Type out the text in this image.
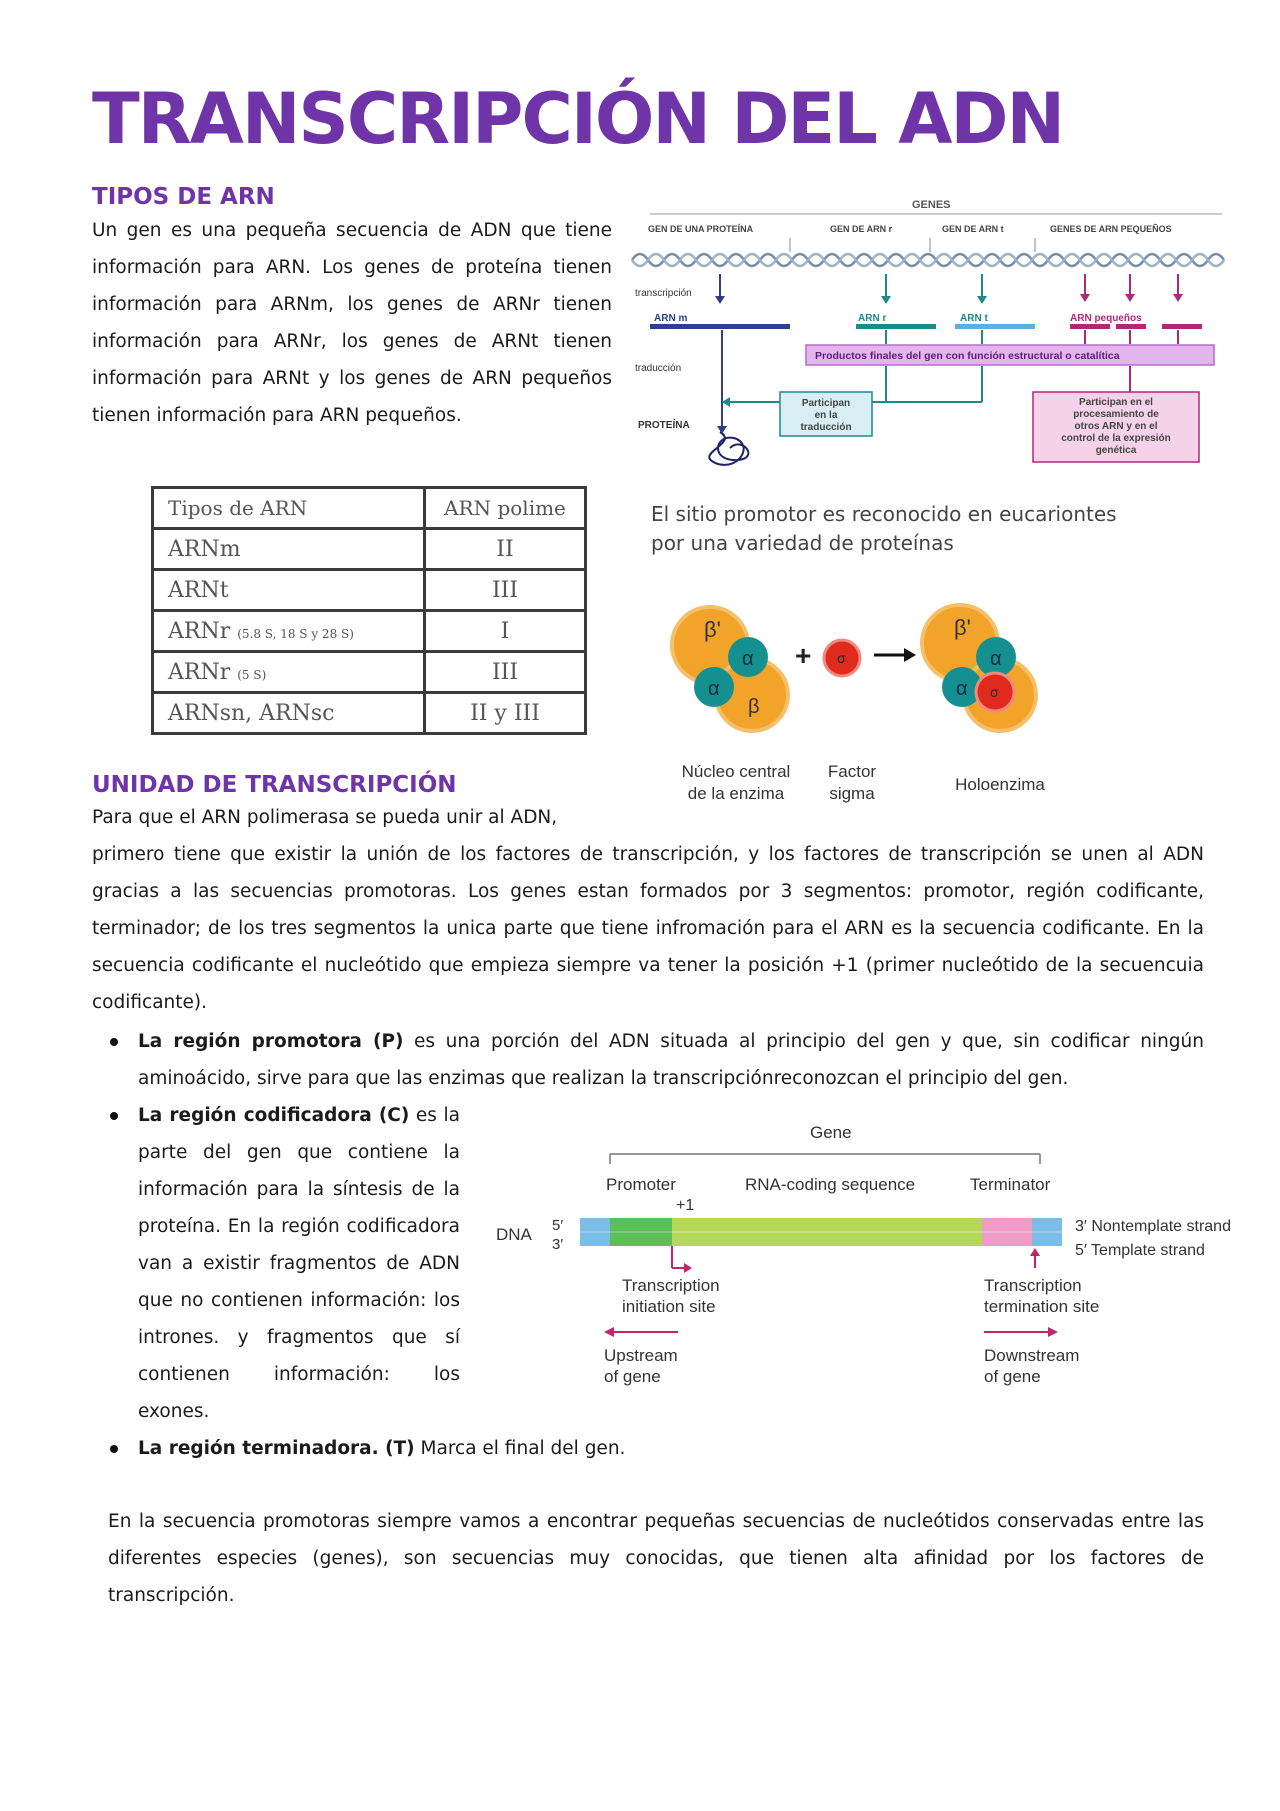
TRANSCRIPCIÓN DEL ADN
TIPOS DE ARN

Un gen es una pequeña secuencia de ADN que tiene información para ARN. Los genes de proteína tienen información para ARNm, los genes de ARNr tienen información para ARNr, los genes de ARNt tienen información para ARNt y los genes de ARN pequeños tienen información para ARN pequeños.

GENES
GEN DE UNA PROTEÍNA	GEN DE ARN r	GEN DE ARN t	GENES DE ARN PEQUEÑOS
transcripción
ARN m	ARN r	ARN t	ARN pequeños
Productos finales del gen con función estructural o catalítica
traducción
PROTEÍNA
Participan
en la
traducción
Participan en el
procesamiento de
otros ARN y en el
control de la expresión
genética
Tipos de ARN	ARN polime
ARNm	II
ARNt	III
ARNr (5.8 S, 18 S y 28 S)	I
ARNr (5 S)	III
ARNsn, ARNsc	II y III
El sitio promotor es reconocido en eucariontes por una variedad de proteínas
β'
α
α
β
+ σ
β'
α
α σ
Núcleo central
de la enzima
Factor
sigma	Holoenzima
UNIDAD DE TRANSCRIPCIÓN

Para que el ARN polimerasa se pueda unir al ADN,

primero tiene que existir la unión de los factores de transcripción, y los factores de transcripción se unen al ADN gracias a las secuencias promotoras. Los genes estan formados por 3 segmentos: promotor, región codificante, terminador; de los tres segmentos la unica parte que tiene infromación para el ARN es la secuencia codificante. En la secuencia codificante el nucleótido que empieza siempre va tener la posición +1 (primer nucleótido de la secuencuia codificante).

La región promotora (P) es una porción del ADN situada al principio del gen y que, sin codificar ningún aminoácido, sirve para que las enzimas que realizan la transcripciónreconozcan el principio del gen.
La región codificadora (C) es la parte del gen que contiene la información para la síntesis de la proteína. En la región codificadora van a existir fragmentos de ADN que no contienen información: los intrones. y fragmentos que sí contienen información: los exones.
Gene
Promoter	RNA-coding sequence	Terminator
+1
DNA 5′
3′
3′ Nontemplate strand
5′ Template strand
Transcription
initiation site
Transcription
termination site
Upstream
of gene
Downstream
of gene
La región terminadora. (T) Marca el final del gen.

En la secuencia promotoras siempre vamos a encontrar pequeñas secuencias de nucleótidos conservadas entre las diferentes especies (genes), son secuencias muy conocidas, que tienen alta afinidad por los factores de transcripción.
